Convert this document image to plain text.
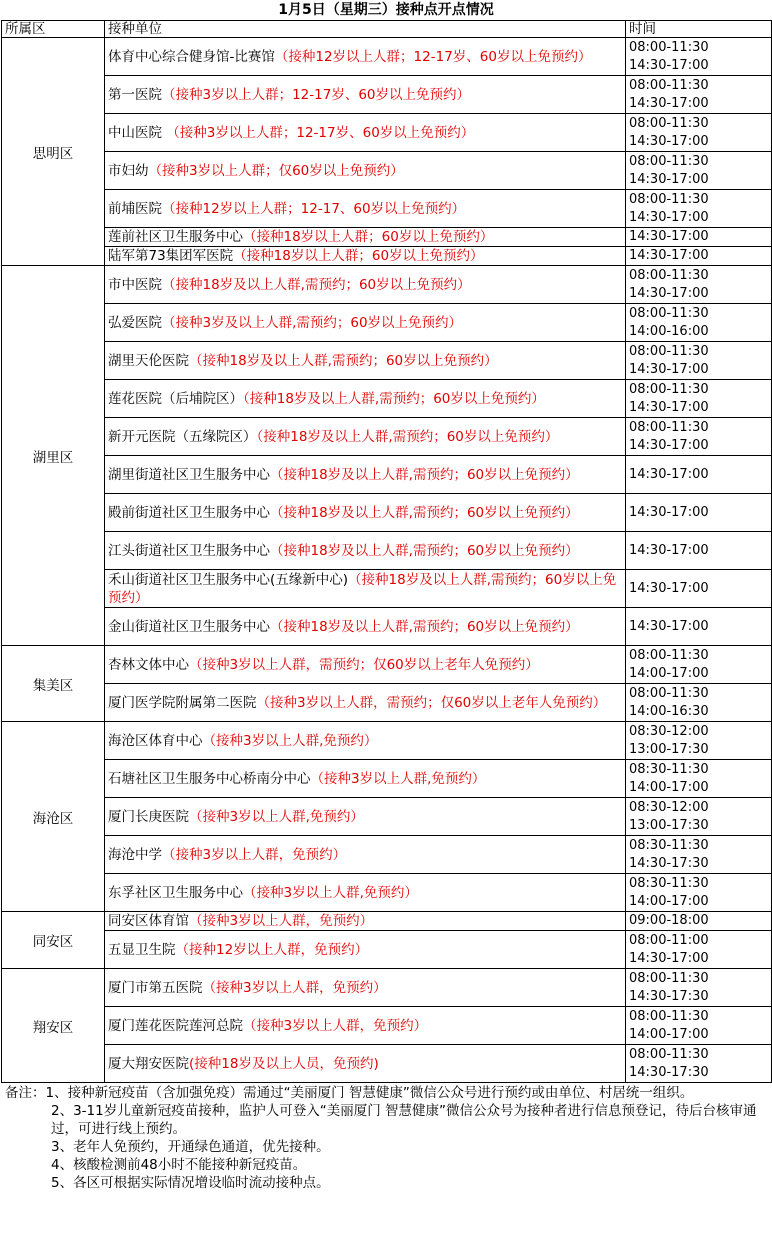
1月5日（星期三）接种点开点情况
所属区	接种单位	时间
思明区	体育中心综合健身馆-比赛馆（接种12岁以上人群；12-17岁、60岁以上免预约）	08:00-11:30
14:30-17:00

	第一医院（接种3岁以上人群；12-17岁、60岁以上免预约）	08:00-11:30
14:30-17:00

	中山医院 （接种3岁以上人群；12-17岁、60岁以上免预约）	08:00-11:30
14:30-17:00

	市妇幼（接种3岁以上人群；仅60岁以上免预约）	08:00-11:30
14:30-17:00

	前埔医院（接种12岁以上人群；12-17、60岁以上免预约）	08:00-11:30
14:30-17:00

	莲前社区卫生服务中心（接种18岁以上人群；60岁以上免预约）	14:30-17:00

	陆军第73集团军医院（接种18岁以上人群；60岁以上免预约）	14:30-17:00

湖里区	市中医院（接种18岁及以上人群,需预约；60岁以上免预约）	08:00-11:30
14:30-17:00

	弘爱医院（接种3岁及以上人群,需预约；60岁以上免预约）	08:00-11:30
14:00-16:00

	湖里天伦医院（接种18岁及以上人群,需预约；60岁以上免预约）	08:00-11:30
14:30-17:00

	莲花医院（后埔院区）（接种18岁及以上人群,需预约；60岁以上免预约）	08:00-11:30
14:30-17:00

	新开元医院（五缘院区）（接种18岁及以上人群,需预约；60岁以上免预约）	08:00-11:30
14:30-17:00

	湖里街道社区卫生服务中心（接种18岁及以上人群,需预约；60岁以上免预约）	14:30-17:00

	殿前街道社区卫生服务中心（接种18岁及以上人群,需预约；60岁以上免预约）	14:30-17:00

	江头街道社区卫生服务中心（接种18岁及以上人群,需预约；60岁以上免预约）	14:30-17:00

	禾山街道社区卫生服务中心(五缘新中心)（接种18岁及以上人群,需预约；60岁以上免预约）	14:30-17:00

	金山街道社区卫生服务中心（接种18岁及以上人群,需预约；60岁以上免预约）	14:30-17:00

集美区	杏林文体中心（接种3岁以上人群，需预约；仅60岁以上老年人免预约）	08:00-11:30
14:00-17:00

	厦门医学院附属第二医院（接种3岁以上人群，需预约；仅60岁以上老年人免预约）	08:00-11:30
14:00-16:30

海沧区	海沧区体育中心（接种3岁以上人群,免预约）	08:30-12:00
13:00-17:30

	石塘社区卫生服务中心桥南分中心（接种3岁以上人群,免预约）	08:30-11:30
14:00-17:00

	厦门长庚医院（接种3岁以上人群,免预约）	08:30-12:00
13:00-17:30

	海沧中学（接种3岁以上人群，免预约）	08:30-11:30
14:30-17:30

	东孚社区卫生服务中心（接种3岁以上人群,免预约）	08:30-11:30
14:00-17:00

同安区	同安区体育馆（接种3岁以上人群，免预约）	09:00-18:00

	五显卫生院（接种12岁以上人群，免预约）	08:00-11:00
14:30-17:00

翔安区	厦门市第五医院（接种3岁以上人群，免预约）	08:00-11:30
14:30-17:30

	厦门莲花医院莲河总院（接种3岁以上人群，免预约）	08:00-11:30
14:00-17:00

	厦大翔安医院(接种18岁及以上人员，免预约)	08:00-11:30
14:30-17:30

备注：1、接种新冠疫苗（含加强免疫）需通过“美丽厦门 智慧健康”微信公众号进行预约或由单位、村居统一组织。

2、3-11岁儿童新冠疫苗接种，监护人可登入“美丽厦门 智慧健康”微信公众号为接种者进行信息预登记，待后台核审通过，可进行线上预约。

3、老年人免预约，开通绿色通道，优先接种。

4、核酸检测前48小时不能接种新冠疫苗。

5、各区可根据实际情况增设临时流动接种点。
